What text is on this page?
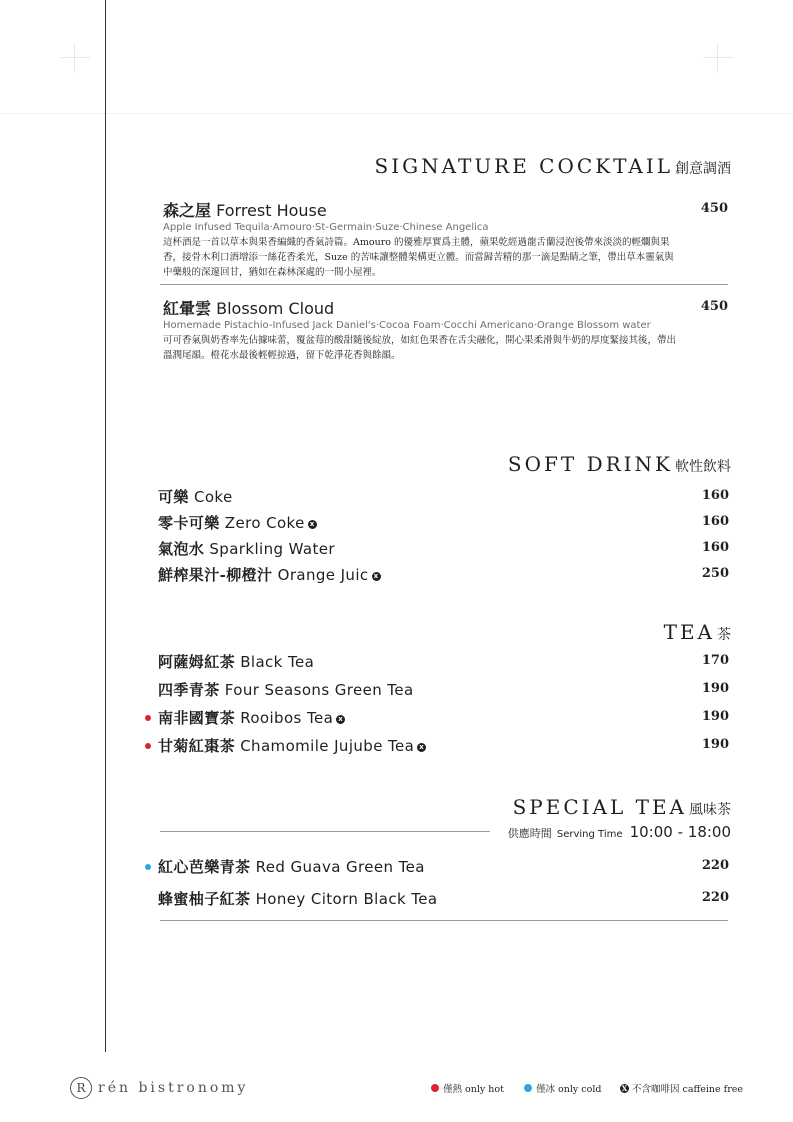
SIGNATURE COCKTAIL 創意調酒
森之屋 Forrest House
Apple Infused Tequila‧Amouro‧St-Germain‧Suze‧Chinese Angelica
這杯酒是一首以草本與果香編織的香氣詩篇。Amouro 的優雅厚實爲主體，蘋果乾經過龍舌蘭浸泡後帶來淡淡的輕爛與果香，接骨木利口酒增添一絲花香柔光，Suze 的苦味讓整體架構更立體。而當歸苦精的那一滴是點睛之筆，帶出草本靈氣與中藥般的深邃回甘，猶如在森林深處的一間小屋裡。
450
紅暈雲 Blossom Cloud
Homemade Pistachio-Infused Jack Daniel's‧Cocoa Foam‧Cocchi Americano‧Orange Blossom water
可可香氣與奶香率先佔據味蕾，覆盆莓的酸甜隨後綻放，如紅色果香在舌尖融化，開心果柔滑與牛奶的厚度緊接其後，帶出溫潤尾韻。橙花水最後輕輕掠過，留下乾淨花香與餘韻。
450
SOFT DRINK 軟性飲料
可樂 Coke	160
零卡可樂 Zero Coke x	160
氣泡水 Sparkling Water	160
鮮榨果汁-柳橙汁 Orange Juic x	250
TEA 茶
阿薩姆紅茶 Black Tea	170
四季青茶 Four Seasons Green Tea	190
南非國寶茶 Rooibos Tea x	190
甘菊紅棗茶 Chamomile Jujube Tea x	190
SPECIAL TEA 風味茶
供應時間 Serving Time 10:00 - 18:00
紅心芭樂青茶 Red Guava Green Tea	220
蜂蜜柚子紅茶 Honey Citorn Black Tea	220
R rén bistronomy	僅熱 only hot	僅冰 only cold	X 不含咖啡因 caffeine free
